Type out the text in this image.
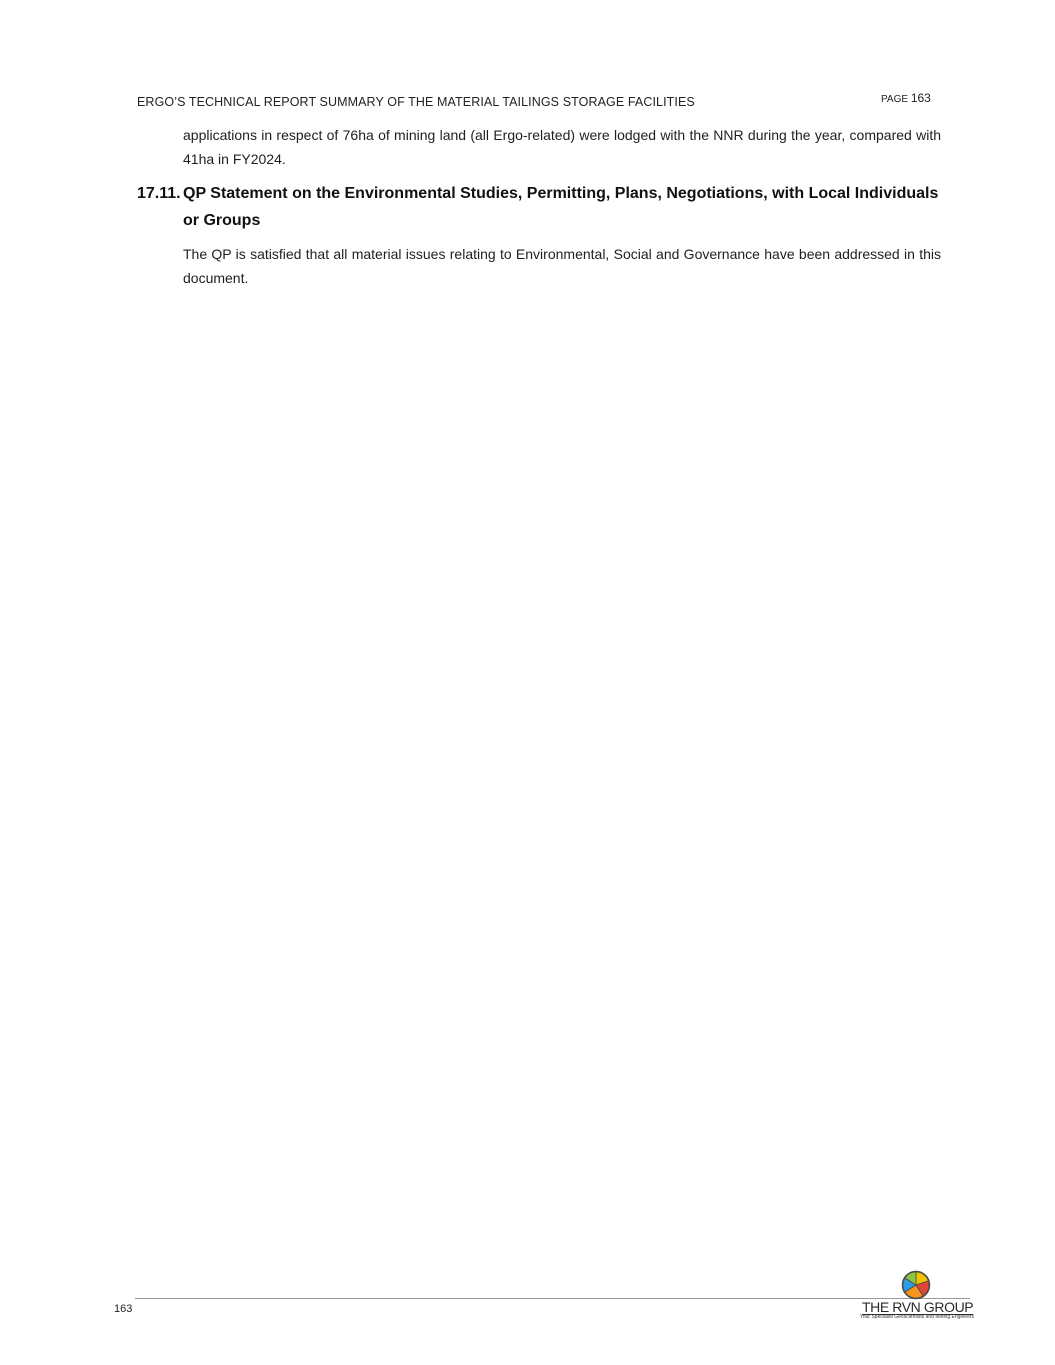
ERGO’S TECHNICAL REPORT SUMMARY OF THE MATERIAL TAILINGS STORAGE FACILITIES	PAGE 163

applications in respect of 76ha of mining land (all Ergo-related) were lodged with the NNR during the year, compared with 41ha in FY2024.

17.11. QP Statement on the Environmental Studies, Permitting, Plans, Negotiations, with Local Individuals or Groups

The QP is satisfied that all material issues relating to Environmental, Social and Governance have been addressed in this document.

163	THE RVN GROUP
Your Specialist Geoscientists and Mining Engineers
